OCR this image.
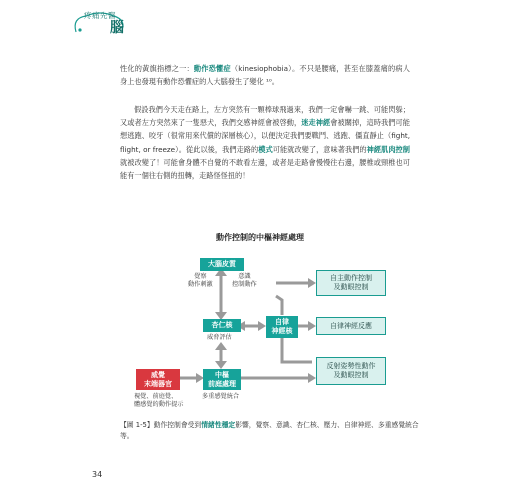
疼痛先醫
腦

性化的黃旗指標之一：動作恐懼症（kinesiophobia）。不只是腰痛，甚至在膝蓋痛的病人身上也發現有動作恐懼症的人大腦發生了變化 ¹⁰。

假設我們今天走在路上，左方突然有一顆棒球飛過來，我們一定會嚇一跳、可能閃躲；又或者左方突然來了一隻惡犬，我們交感神經會被啓動，迷走神經會被關掉，這時我們可能想逃跑、咬牙（很常用來代償的深層核心），以便決定我們要戰鬥、逃跑、僵直靜止（fight, flight, or freeze）。從此以後，我們走路的模式可能就改變了，意味著我們的神經肌肉控制就被改變了！可能會身體不自覺的不敢看左邊，或者是走路會慢慢往右邊，腰椎或頸椎也可能有一個往右側的扭轉，走路怪怪扭的！

動作控制的中樞神經處理
大腦皮質
覺察
動作刺激
意識
控制動作
杏仁核
威脅評估
自律
神經核
威覺
末端器官
視覺、前庭覺、
體感覺的動作提示
中樞
前庭處理
多重感覺統合
自主動作控制
及動眼控制
自律神經反應
反射姿勢性動作
及動眼控制

【圖 1-5】動作控制會受到情緒性穩定影響，覺察、意識、杏仁核、壓力、自律神經、多重感覺統合等。

34
